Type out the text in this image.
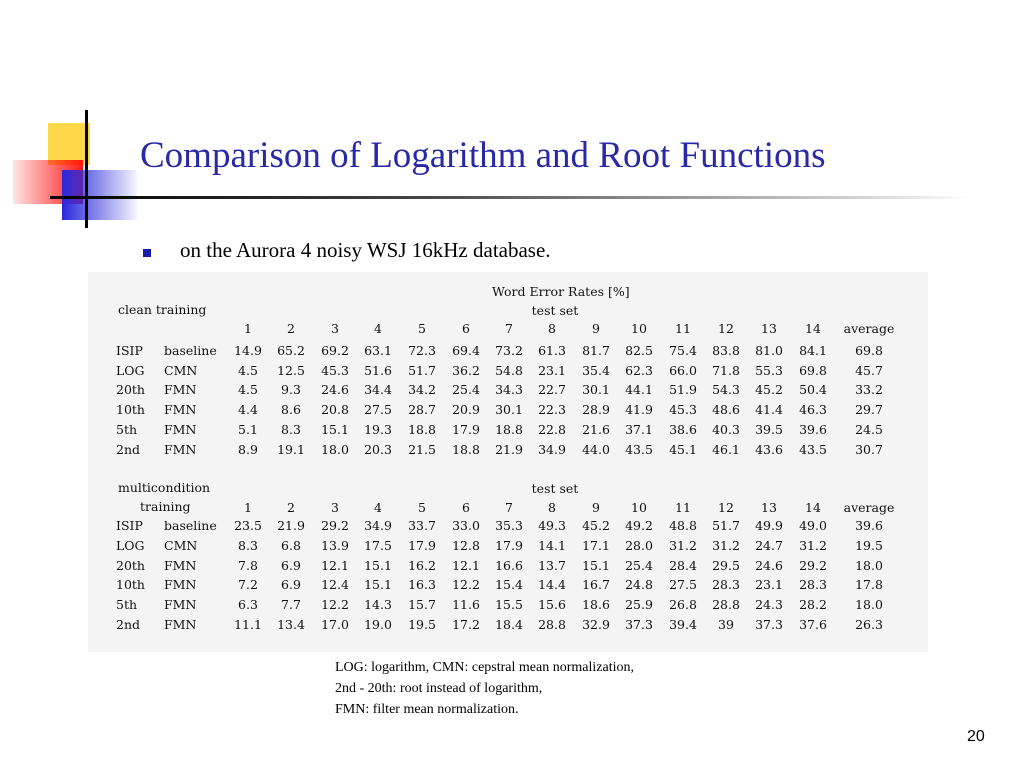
Comparison of Logarithm and Root Functions
on the Aurora 4 noisy WSJ 16kHz database.
Word Error Rates [%]
clean training	test set
1	2	3	4	5	6	7	8	9 10 11 12 13 14 average
ISIP baseline 14.9 65.2 69.2 63.1 72.3 69.4 73.2 61.3 81.7 82.5 75.4 83.8 81.0 84.1 69.8
LOG CMN	4.5 12.5 45.3 51.6 51.7 36.2 54.8 23.1 35.4 62.3 66.0 71.8 55.3 69.8 45.7
20th FMN	4.5 9.3 24.6 34.4 34.2 25.4 34.3 22.7 30.1 44.1 51.9 54.3 45.2 50.4 33.2
10th FMN	4.4 8.6 20.8 27.5 28.7 20.9 30.1 22.3 28.9 41.9 45.3 48.6 41.4 46.3 29.7
5th FMN	5.1 8.3 15.1 19.3 18.8 17.9 18.8 22.8 21.6 37.1 38.6 40.3 39.5 39.6 24.5
2nd FMN	8.9 19.1 18.0 20.3 21.5 18.8 21.9 34.9 44.0 43.5 45.1 46.1 43.6 43.5 30.7
multicondition
training
test set
1	2	3	4	5	6	7	8	9 10 11 12 13 14 average
ISIP baseline 23.5 21.9 29.2 34.9 33.7 33.0 35.3 49.3 45.2 49.2 48.8 51.7 49.9 49.0 39.6
LOG CMN	8.3 6.8 13.9 17.5 17.9 12.8 17.9 14.1 17.1 28.0 31.2 31.2 24.7 31.2 19.5
20th FMN	7.8 6.9 12.1 15.1 16.2 12.1 16.6 13.7 15.1 25.4 28.4 29.5 24.6 29.2 18.0
10th FMN	7.2 6.9 12.4 15.1 16.3 12.2 15.4 14.4 16.7 24.8 27.5 28.3 23.1 28.3 17.8
5th FMN	6.3 7.7 12.2 14.3 15.7 11.6 15.5 15.6 18.6 25.9 26.8 28.8 24.3 28.2 18.0
2nd FMN	11.1 13.4 17.0 19.0 19.5 17.2 18.4 28.8 32.9 37.3 39.4 39 37.3 37.6 26.3
LOG: logarithm, CMN: cepstral mean normalization,
2nd - 20th: root instead of logarithm,
FMN: filter mean normalization.
20
